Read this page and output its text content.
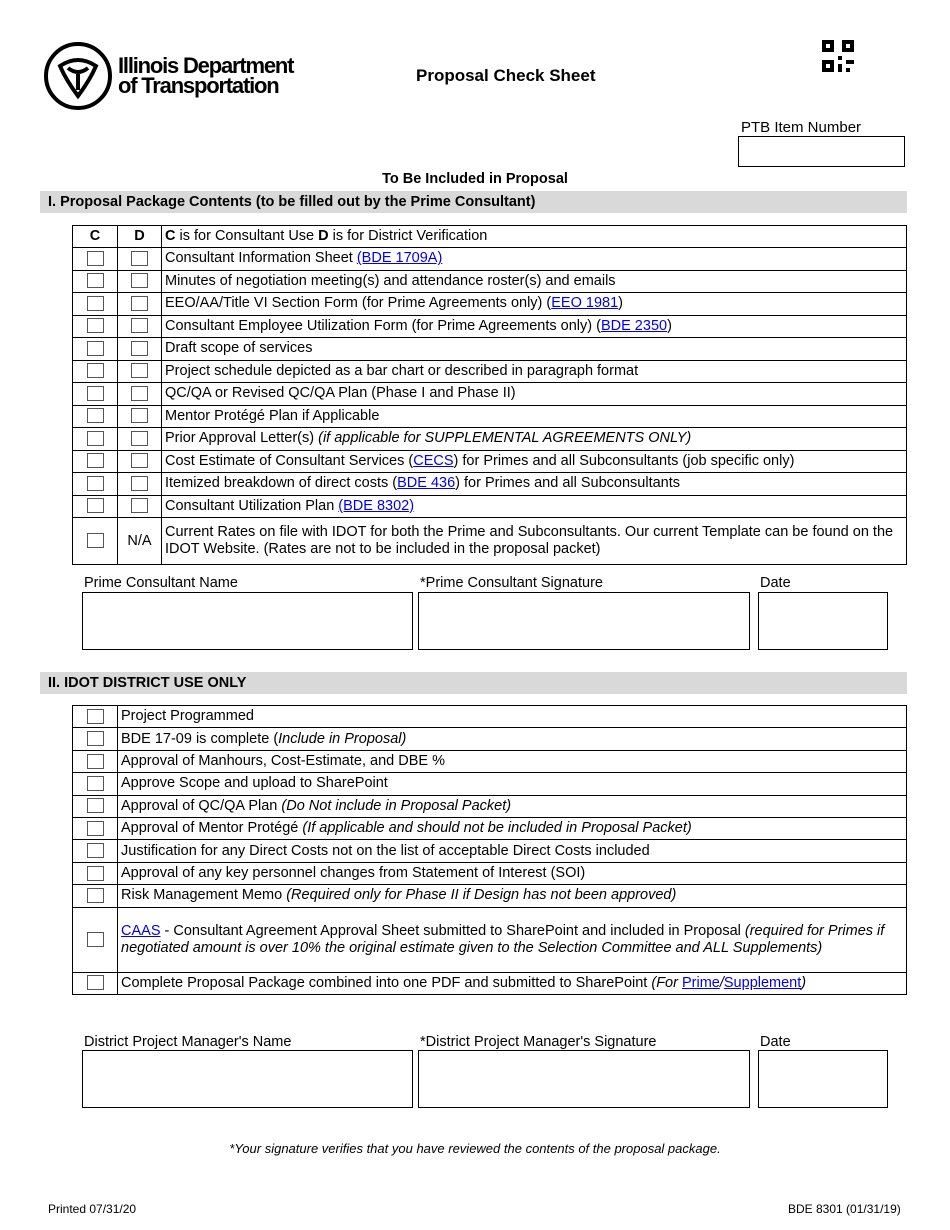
Illinois Department
of Transportation	Proposal Check Sheet
PTB Item Number
To Be Included in Proposal
I. Proposal Package Contents (to be filled out by the Prime Consultant)
C	D	C is for Consultant Use D is for District Verification
		Consultant Information Sheet (BDE 1709A)
		Minutes of negotiation meeting(s) and attendance roster(s) and emails
		EEO/AA/Title VI Section Form (for Prime Agreements only) (EEO 1981)
		Consultant Employee Utilization Form (for Prime Agreements only) (BDE 2350)
		Draft scope of services
		Project schedule depicted as a bar chart or described in paragraph format
		QC/QA or Revised QC/QA Plan (Phase I and Phase II)
		Mentor Protégé Plan if Applicable
		Prior Approval Letter(s) (if applicable for SUPPLEMENTAL AGREEMENTS ONLY)
		Cost Estimate of Consultant Services (CECS) for Primes and all Subconsultants (job specific only)
		Itemized breakdown of direct costs (BDE 436) for Primes and all Subconsultants
		Consultant Utilization Plan (BDE 8302)
	N/A	Current Rates on file with IDOT for both the Prime and Subconsultants. Our current Template can be found on the IDOT Website. (Rates are not to be included in the proposal packet)
Prime Consultant Name	*Prime Consultant Signature	Date
II. IDOT DISTRICT USE ONLY
	Project Programmed
	BDE 17-09 is complete (Include in Proposal)
	Approval of Manhours, Cost-Estimate, and DBE %
	Approve Scope and upload to SharePoint
	Approval of QC/QA Plan (Do Not include in Proposal Packet)
	Approval of Mentor Protégé (If applicable and should not be included in Proposal Packet)
	Justification for any Direct Costs not on the list of acceptable Direct Costs included
	Approval of any key personnel changes from Statement of Interest (SOI)
	Risk Management Memo (Required only for Phase II if Design has not been approved)
	CAAS - Consultant Agreement Approval Sheet submitted to SharePoint and included in Proposal (required for Primes if negotiated amount is over 10% the original estimate given to the Selection Committee and ALL Supplements)
	Complete Proposal Package combined into one PDF and submitted to SharePoint (For Prime/Supplement)
District Project Manager's Name	*District Project Manager's Signature	Date
*Your signature verifies that you have reviewed the contents of the proposal package.
Printed 07/31/20	BDE 8301 (01/31/19)
